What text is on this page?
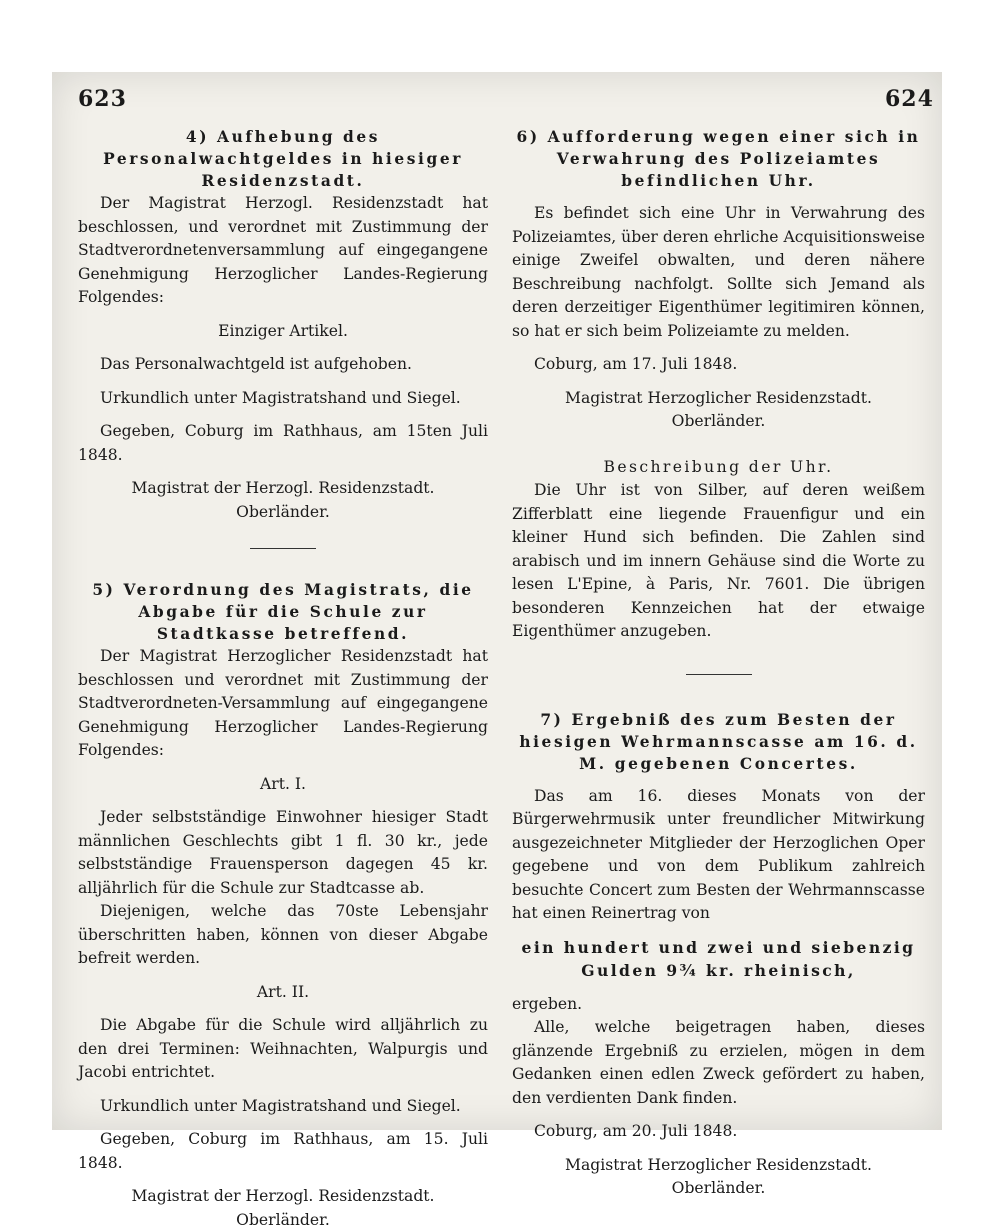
623	624

4) Aufhebung des Personalwachtgeldes in hiesiger Residenzstadt.

Der Magistrat Herzogl. Residenzstadt hat beschlossen, und verordnet mit Zustimmung der Stadtverordnetenversammlung auf eingegangene Genehmigung Herzoglicher Landes-Regierung Folgendes:

Einziger Artikel.

Das Personalwachtgeld ist aufgehoben.

Urkundlich unter Magistratshand und Siegel.

Gegeben, Coburg im Rathhaus, am 15ten Juli 1848.

Magistrat der Herzogl. Residenzstadt.

Oberländer.

5) Verordnung des Magistrats, die Abgabe für die Schule zur Stadtkasse betreffend.

Der Magistrat Herzoglicher Residenzstadt hat beschlossen und verordnet mit Zustimmung der Stadtverordneten-Versammlung auf eingegangene Genehmigung Herzoglicher Landes-Regierung Folgendes:

Art. I.

Jeder selbstständige Einwohner hiesiger Stadt männlichen Geschlechts gibt 1 fl. 30 kr., jede selbstständige Frauensperson dagegen 45 kr. alljährlich für die Schule zur Stadtcasse ab.

Diejenigen, welche das 70ste Lebensjahr überschritten haben, können von dieser Abgabe befreit werden.

Art. II.

Die Abgabe für die Schule wird alljährlich zu den drei Terminen: Weihnachten, Walpurgis und Jacobi entrichtet.

Urkundlich unter Magistratshand und Siegel.

Gegeben, Coburg im Rathhaus, am 15. Juli 1848.

Magistrat der Herzogl. Residenzstadt.

Oberländer.

6) Aufforderung wegen einer sich in Verwahrung des Polizeiamtes befindlichen Uhr.

Es befindet sich eine Uhr in Verwahrung des Polizeiamtes, über deren ehrliche Acquisitionsweise einige Zweifel obwalten, und deren nähere Beschreibung nachfolgt. Sollte sich Jemand als deren derzeitiger Eigenthümer legitimiren können, so hat er sich beim Polizeiamte zu melden.

Coburg, am 17. Juli 1848.

Magistrat Herzoglicher Residenzstadt.

Oberländer.

Beschreibung der Uhr.

Die Uhr ist von Silber, auf deren weißem Zifferblatt eine liegende Frauenfigur und ein kleiner Hund sich befinden. Die Zahlen sind arabisch und im innern Gehäuse sind die Worte zu lesen L'Epine, à Paris, Nr. 7601. Die übrigen besonderen Kennzeichen hat der etwaige Eigenthümer anzugeben.

7) Ergebniß des zum Besten der hiesigen Wehrmannscasse am 16. d. M. gegebenen Concertes.

Das am 16. dieses Monats von der Bürgerwehrmusik unter freundlicher Mitwirkung ausgezeichneter Mitglieder der Herzoglichen Oper gegebene und von dem Publikum zahlreich besuchte Concert zum Besten der Wehrmannscasse hat einen Reinertrag von

ein hundert und zwei und siebenzig Gulden 9¾ kr. rheinisch,

ergeben.

Alle, welche beigetragen haben, dieses glänzende Ergebniß zu erzielen, mögen in dem Gedanken einen edlen Zweck gefördert zu haben, den verdienten Dank finden.

Coburg, am 20. Juli 1848.

Magistrat Herzoglicher Residenzstadt.

Oberländer.
